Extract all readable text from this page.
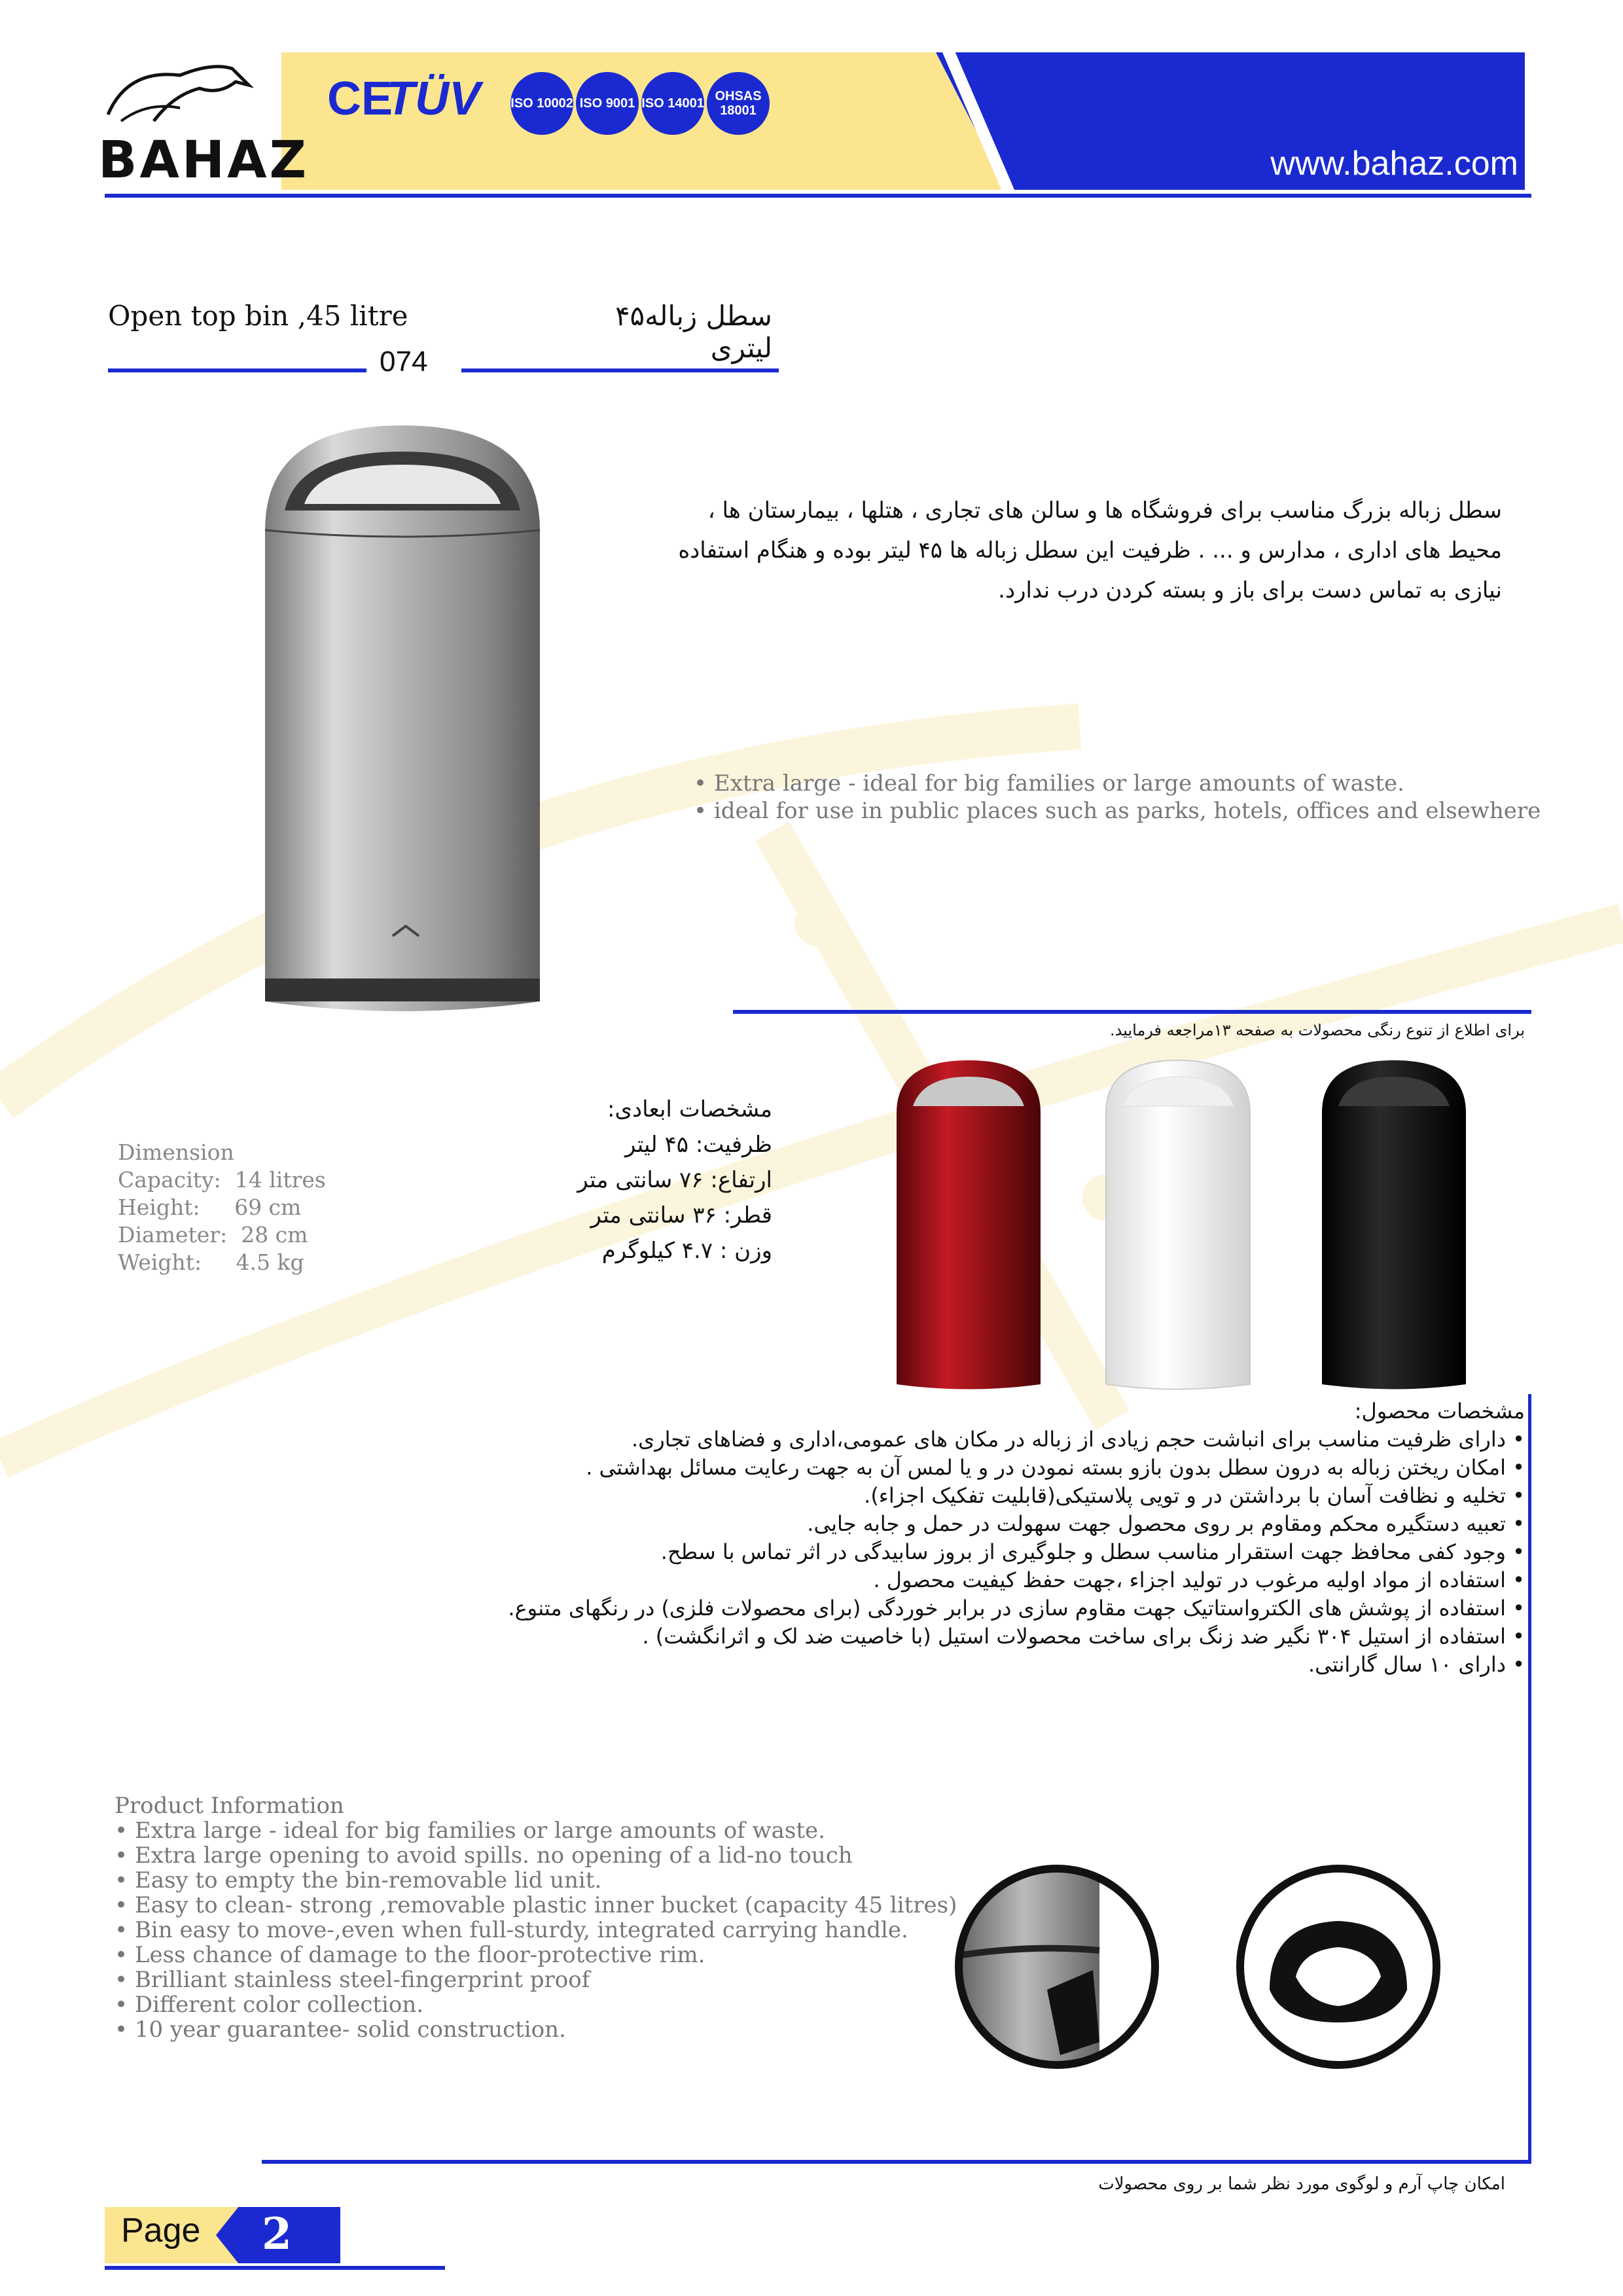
BAHAZ
CE
TÜV ISO 10002 ISO 9001 ISO 14001 OHSAS 18001
www.bahaz.com
Open top bin ,45 litre	سطل زباله۴۵ لیتری
074
سطل زباله بزرگ مناسب برای فروشگاه ها و سالن های تجاری ، هتلها ، بیمارستان ها ، محیط های اداری ، مدارس و ... . ظرفیت این سطل زباله ها ۴۵ لیتر بوده و هنگام استفاده نیازی به تماس دست برای باز و بسته کردن درب ندارد.
• Extra large - ideal for big families or large amounts of waste.
• ideal for use in public places such as parks, hotels, offices and elsewhere
برای اطلاع از تنوع رنگی محصولات به صفحه ۱۳مراجعه فرمایید.
Dimension
Capacity:  14 litres
Height:     69 cm
Diameter:  28 cm
Weight:     4.5 kg
مشخصات ابعادی:
ظرفیت: ۴۵ لیتر
ارتفاع: ۷۶ سانتی متر
قطر: ۳۶ سانتی متر
وزن : ۴.۷ کیلوگرم
مشخصات محصول:
• دارای ظرفیت مناسب برای انباشت حجم زیادی از زباله در مکان های عمومی،اداری و فضاهای تجاری.
• امکان ریختن زباله به درون سطل بدون بازو بسته نمودن در و یا لمس آن به جهت رعایت مسائل بهداشتی .
• تخلیه و نظافت آسان با برداشتن در و تویی پلاستیکی(قابلیت تفکیک اجزاء).
• تعبیه دستگیره محکم ومقاوم بر روی محصول جهت سهولت در حمل و جابه جایی.
• وجود کفی محافظ جهت استقرار مناسب سطل و جلوگیری از بروز سابیدگی در اثر تماس با سطح.
• استفاده از مواد اولیه مرغوب در تولید اجزاء ،جهت حفظ کیفیت محصول .
• استفاده از پوشش های الکترواستاتیک جهت مقاوم سازی در برابر خوردگی (برای محصولات فلزی) در رنگهای متنوع.
• استفاده از استیل ۳۰۴ نگیر ضد زنگ برای ساخت محصولات استیل (با خاصیت ضد لک و اثرانگشت) .
• دارای ۱۰ سال گارانتی.
Product Information
• Extra large - ideal for big families or large amounts of waste.
• Extra large opening to avoid spills. no opening of a lid-no touch
• Easy to empty the bin-removable lid unit.
• Easy to clean- strong ,removable plastic inner bucket (capacity 45 litres)
• Bin easy to move-,even when full-sturdy, integrated carrying handle.
• Less chance of damage to the floor-protective rim.
• Brilliant stainless steel-fingerprint proof
• Different color collection.
• 10 year guarantee- solid construction.
امکان چاپ آرم و لوگوی مورد نظر شما بر روی محصولات
Page 2
